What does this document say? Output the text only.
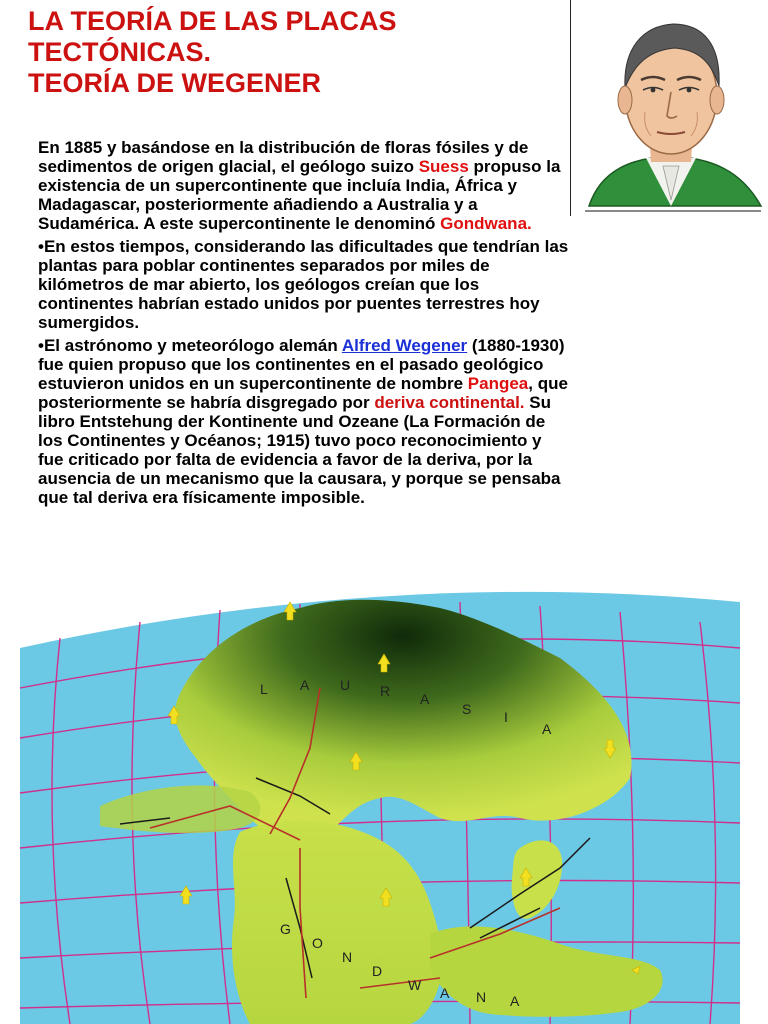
LA TEORÍA DE LAS PLACAS
TECTÓNICAS.
TEORÍA DE WEGENER

En 1885 y basándose en la distribución de floras fósiles y de sedimentos de origen glacial, el geólogo suizo Suess propuso la existencia de un supercontinente que incluía India, África y Madagascar, posteriormente añadiendo a Australia y a Sudamérica. A este supercontinente le denominó Gondwana.

•En estos tiempos, considerando las dificultades que tendrían las plantas para poblar continentes separados por miles de kilómetros de mar abierto, los geólogos creían que los continentes habrían estado unidos por puentes terrestres hoy sumergidos.

•El astrónomo y meteorólogo alemán Alfred Wegener (1880-1930) fue quien propuso que los continentes en el pasado geológico estuvieron unidos en un supercontinente de nombre Pangea, que posteriormente se habría disgregado por deriva continental. Su libro Entstehung der Kontinente und Ozeane (La Formación de los Continentes y Océanos; 1915) tuvo poco reconocimiento y fue criticado por falta de evidencia a favor de la deriva, por la ausencia de un mecanismo que la causara, y porque se pensaba que tal deriva era físicamente imposible.

L A U R A
S I
A
G
O
N
D
W A N A
